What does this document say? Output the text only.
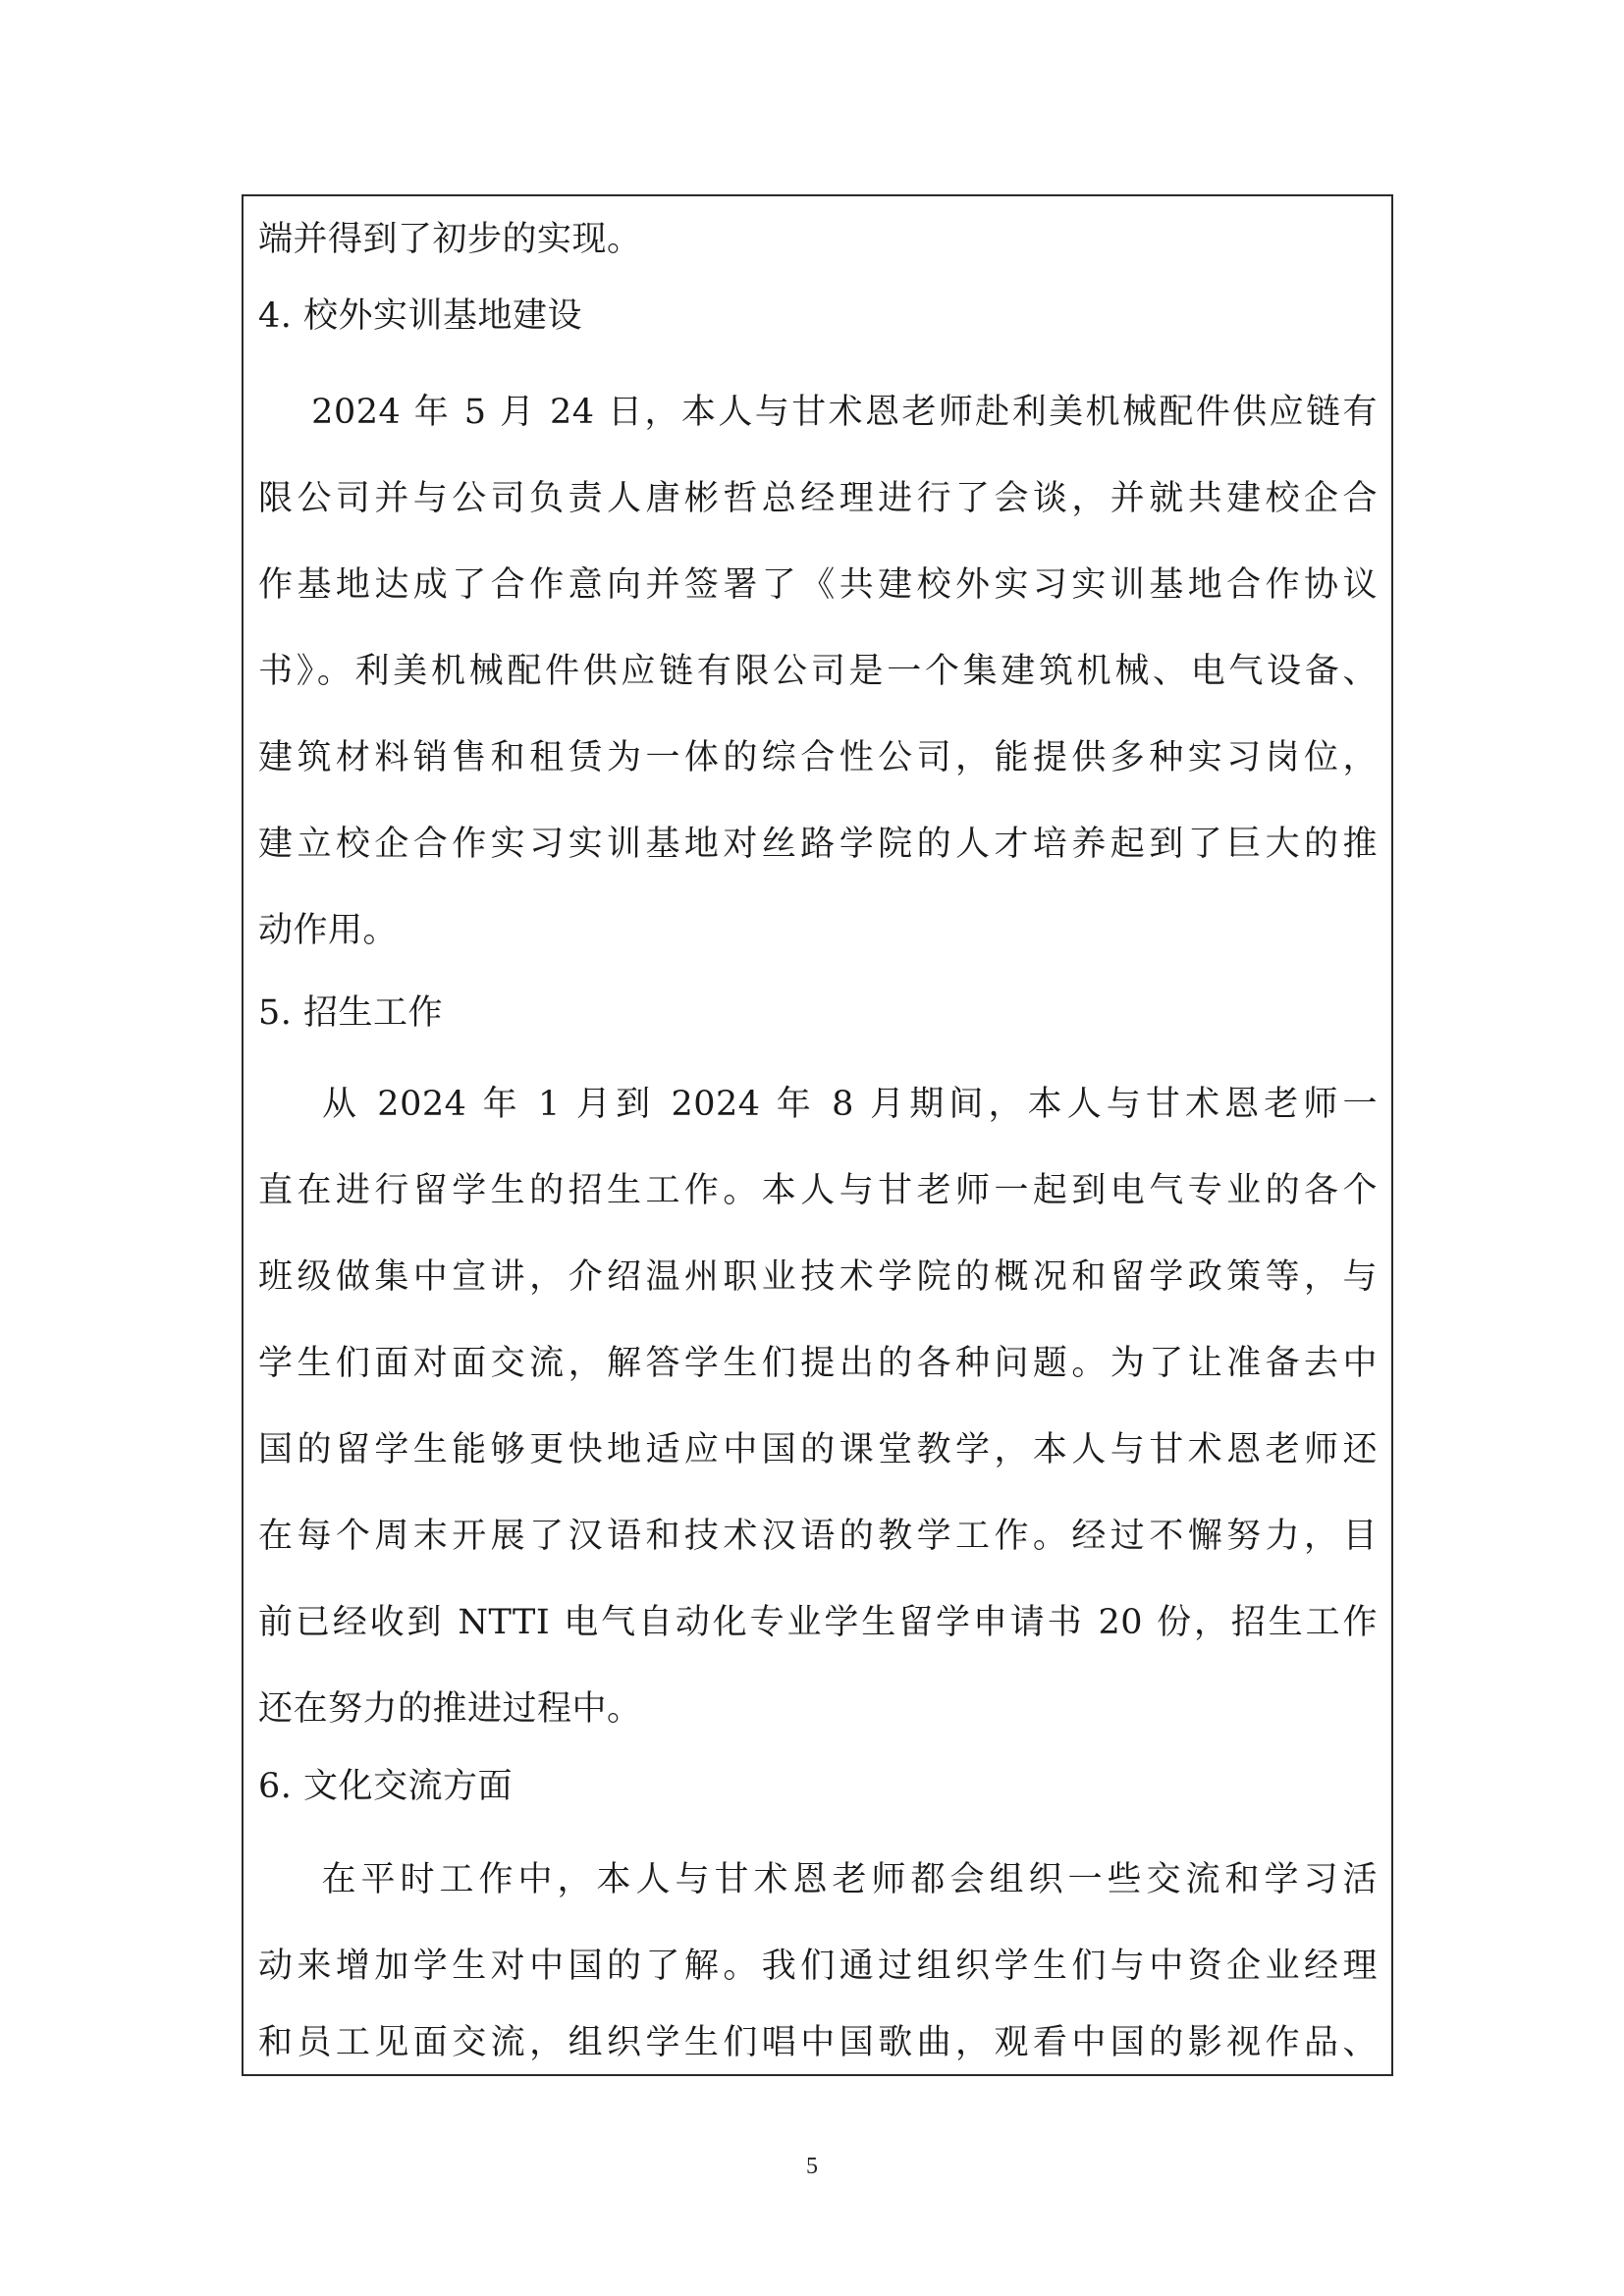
端并得到了初步的实现。
4. 校外实训基地建设
2024 年 5 月 24 日，本人与甘术恩老师赴利美机械配件供应链有
限公司并与公司负责人唐彬哲总经理进行了会谈，并就共建校企合
作基地达成了合作意向并签署了《共建校外实习实训基地合作协议
书》。利美机械配件供应链有限公司是一个集建筑机械、电气设备、
建筑材料销售和租赁为一体的综合性公司，能提供多种实习岗位，
建立校企合作实习实训基地对丝路学院的人才培养起到了巨大的推
动作用。
5. 招生工作
从 2024 年 1 月到 2024 年 8 月期间，本人与甘术恩老师一
直在进行留学生的招生工作。本人与甘老师一起到电气专业的各个
班级做集中宣讲，介绍温州职业技术学院的概况和留学政策等，与
学生们面对面交流，解答学生们提出的各种问题。为了让准备去中
国的留学生能够更快地适应中国的课堂教学，本人与甘术恩老师还
在每个周末开展了汉语和技术汉语的教学工作。经过不懈努力，目
前已经收到 NTTI 电气自动化专业学生留学申请书 20 份，招生工作
还在努力的推进过程中。
6. 文化交流方面
在平时工作中，本人与甘术恩老师都会组织一些交流和学习活
动来增加学生对中国的了解。我们通过组织学生们与中资企业经理
和员工见面交流，组织学生们唱中国歌曲，观看中国的影视作品、
5
